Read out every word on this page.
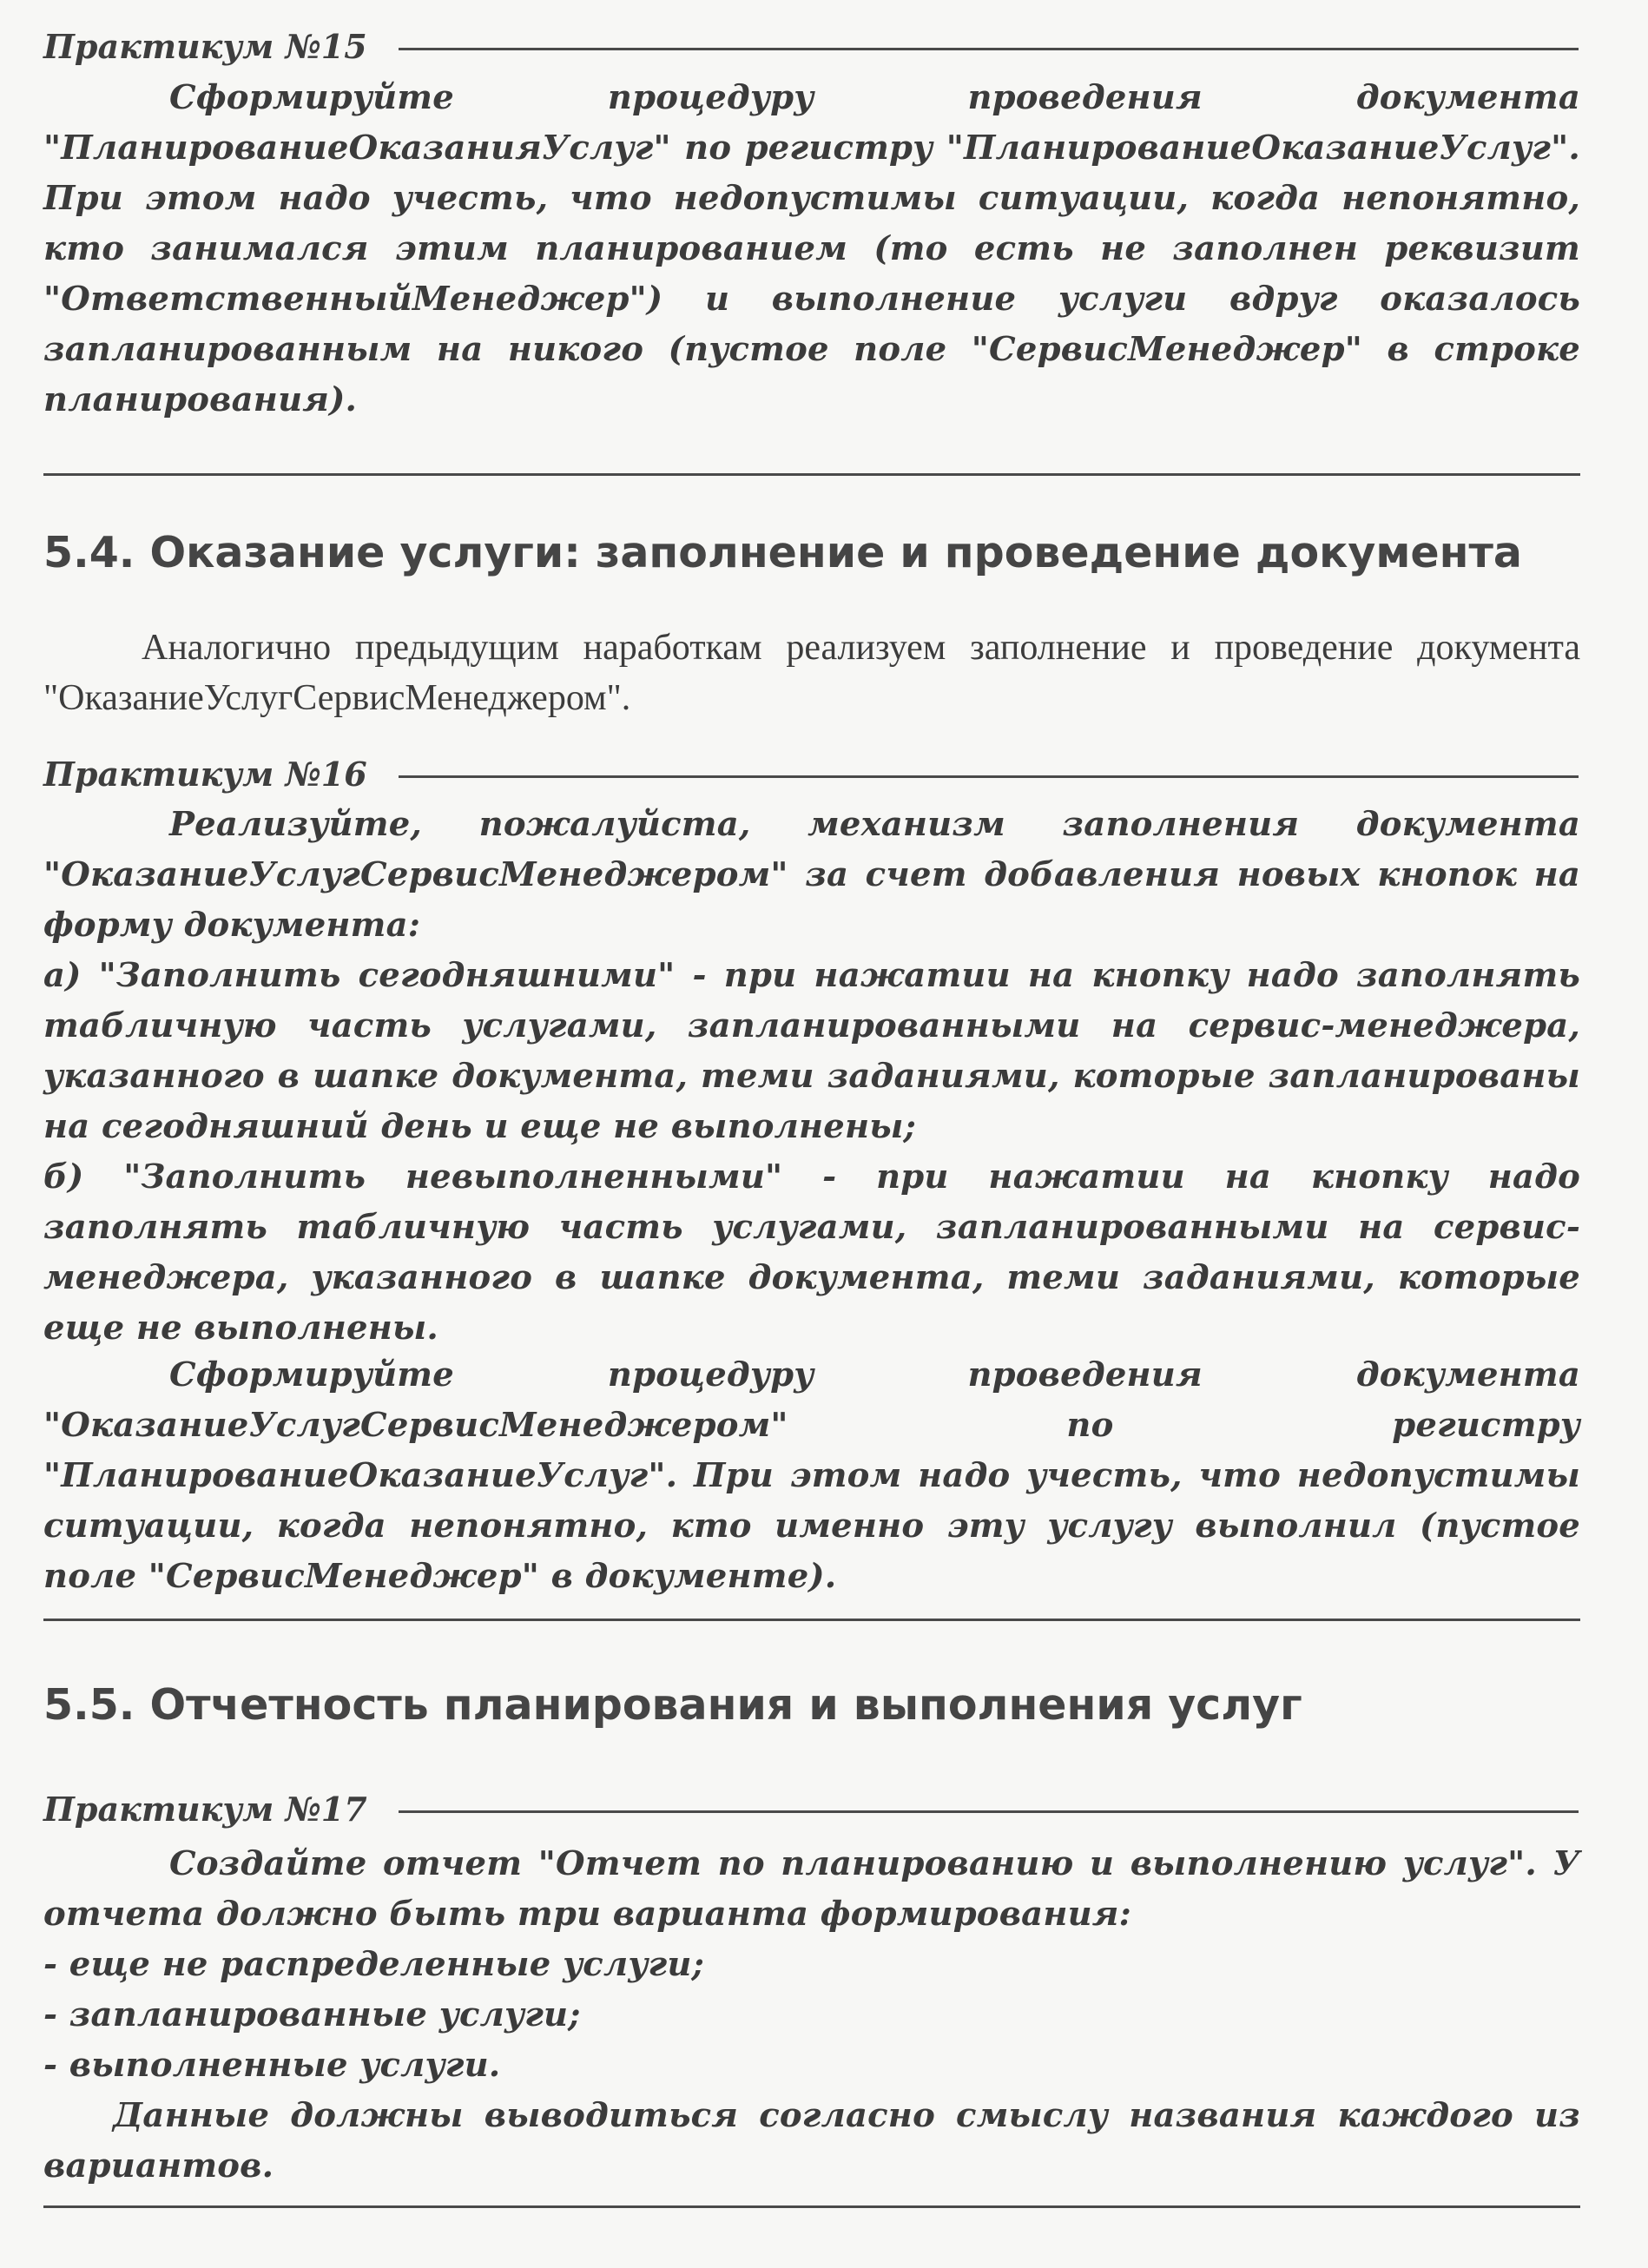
Практикум №15

Сформируйте процедуру проведения документа "ПланированиеОказанияУслуг" по регистру "ПланированиеОказаниеУслуг". При этом надо учесть, что недопустимы ситуации, когда непонятно, кто занимался этим планированием (то есть не заполнен реквизит "ОтветственныйМенеджер") и выполнение услуги вдруг оказалось запланированным на никого (пустое поле "СервисМенеджер" в строке планирования).

5.4. Оказание услуги: заполнение и проведение документа

Аналогично предыдущим наработкам реализуем заполнение и проведение документа "ОказаниеУслугСервисМенеджером".

Практикум №16

Реализуйте, пожалуйста, механизм заполнения документа "ОказаниеУслугСервисМенеджером" за счет добавления новых кнопок на форму документа:

а) "Заполнить сегодняшними" - при нажатии на кнопку надо заполнять табличную часть услугами, запланированными на сервис-менеджера, указанного в шапке документа, теми заданиями, которые запланированы на сегодняшний день и еще не выполнены;

б) "Заполнить невыполненными" - при нажатии на кнопку надо заполнять табличную часть услугами, запланированными на сервис-менеджера, указанного в шапке документа, теми заданиями, которые еще не выполнены.

Сформируйте процедуру проведения документа "ОказаниеУслугСервисМенеджером" по регистру "ПланированиеОказаниеУслуг". При этом надо учесть, что недопустимы ситуации, когда непонятно, кто именно эту услугу выполнил (пустое поле "СервисМенеджер" в документе).

5.5. Отчетность планирования и выполнения услуг
Практикум №17

Создайте отчет "Отчет по планированию и выполнению услуг". У отчета должно быть три варианта формирования:

- еще не распределенные услуги;

- запланированные услуги;

- выполненные услуги.

Данные должны выводиться согласно смыслу названия каждого из вариантов.
